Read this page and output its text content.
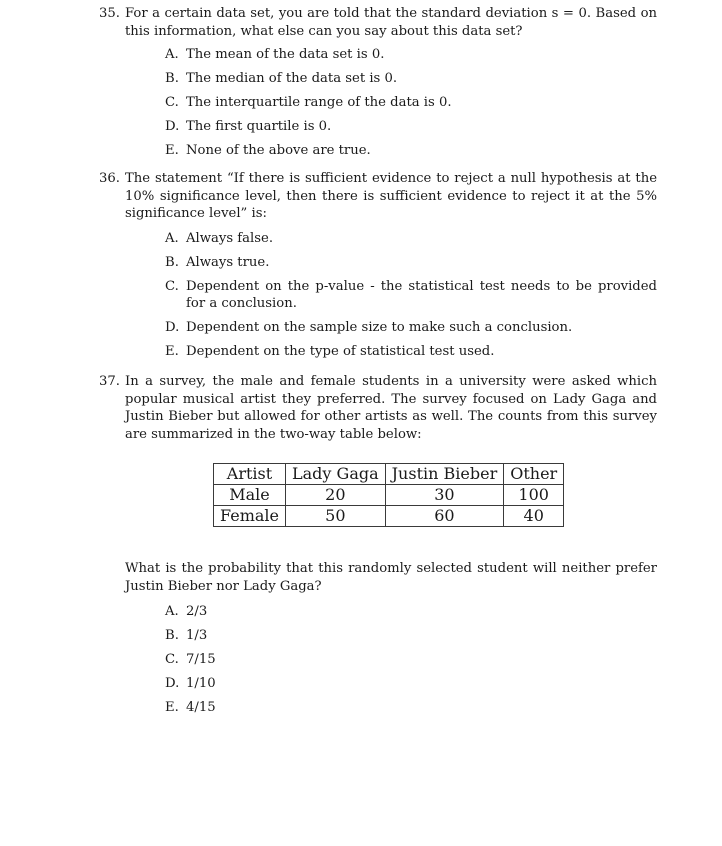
35. For a certain data set, you are told that the standard deviation s = 0. Based on this information, what else can you say about this data set?
A. The mean of the data set is 0.
B. The median of the data set is 0.
C. The interquartile range of the data is 0.
D. The first quartile is 0.
E. None of the above are true.
36. The statement “If there is sufficient evidence to reject a null hypothesis at the 10% significance level, then there is sufficient evidence to reject it at the 5% significance level” is:
A. Always false.
B. Always true.
C. Dependent on the p-value - the statistical test needs to be provided for a conclusion.
D. Dependent on the sample size to make such a conclusion.
E. Dependent on the type of statistical test used.
37. In a survey, the male and female students in a university were asked which popular musical artist they preferred. The survey focused on Lady Gaga and Justin Bieber but allowed for other artists as well. The counts from this survey are summarized in the two-way table below:
Artist	Lady Gaga	Justin Bieber	Other
Male	20	30	100
Female	50	60	40
What is the probability that this randomly selected student will neither prefer Justin Bieber nor Lady Gaga?
A. 2/3
B. 1/3
C. 7/15
D. 1/10
E. 4/15
